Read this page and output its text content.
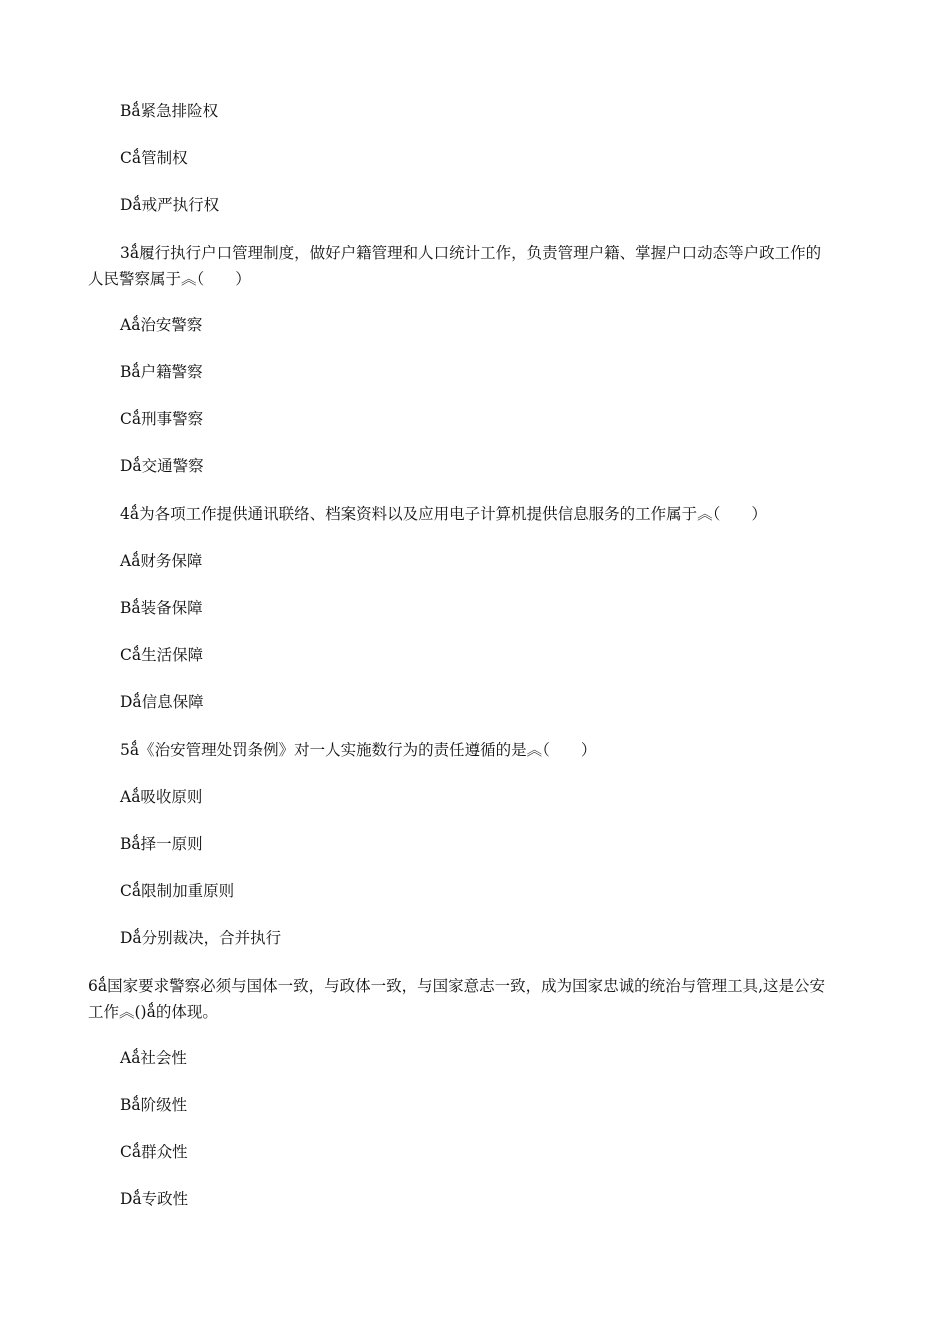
Bǻ紧急排险权
Cǻ管制权
Dǻ戒严执行权
3ǻ履行执行户口管理制度，做好户籍管理和人口统计工作，负责管理户籍、掌握户口动态等户政工作的
人民警察属于︽（　　）
Aǻ治安警察
Bǻ户籍警察
Cǻ刑事警察
Dǻ交通警察
4ǻ为各项工作提供通讯联络、档案资料以及应用电子计算机提供信息服务的工作属于︽（　　）
Aǻ财务保障
Bǻ装备保障
Cǻ生活保障
Dǻ信息保障
5ǻ《治安管理处罚条例》对一人实施数行为的责任遵循的是︽（　　）
Aǻ吸收原则
Bǻ择一原则
Cǻ限制加重原则
Dǻ分别裁决，合并执行
6ǻ国家要求警察必须与国体一致，与政体一致，与国家意志一致，成为国家忠诚的统治与管理工具,这是公安
工作︽()ǻ的体现。
Aǻ社会性
Bǻ阶级性
Cǻ群众性
Dǻ专政性
